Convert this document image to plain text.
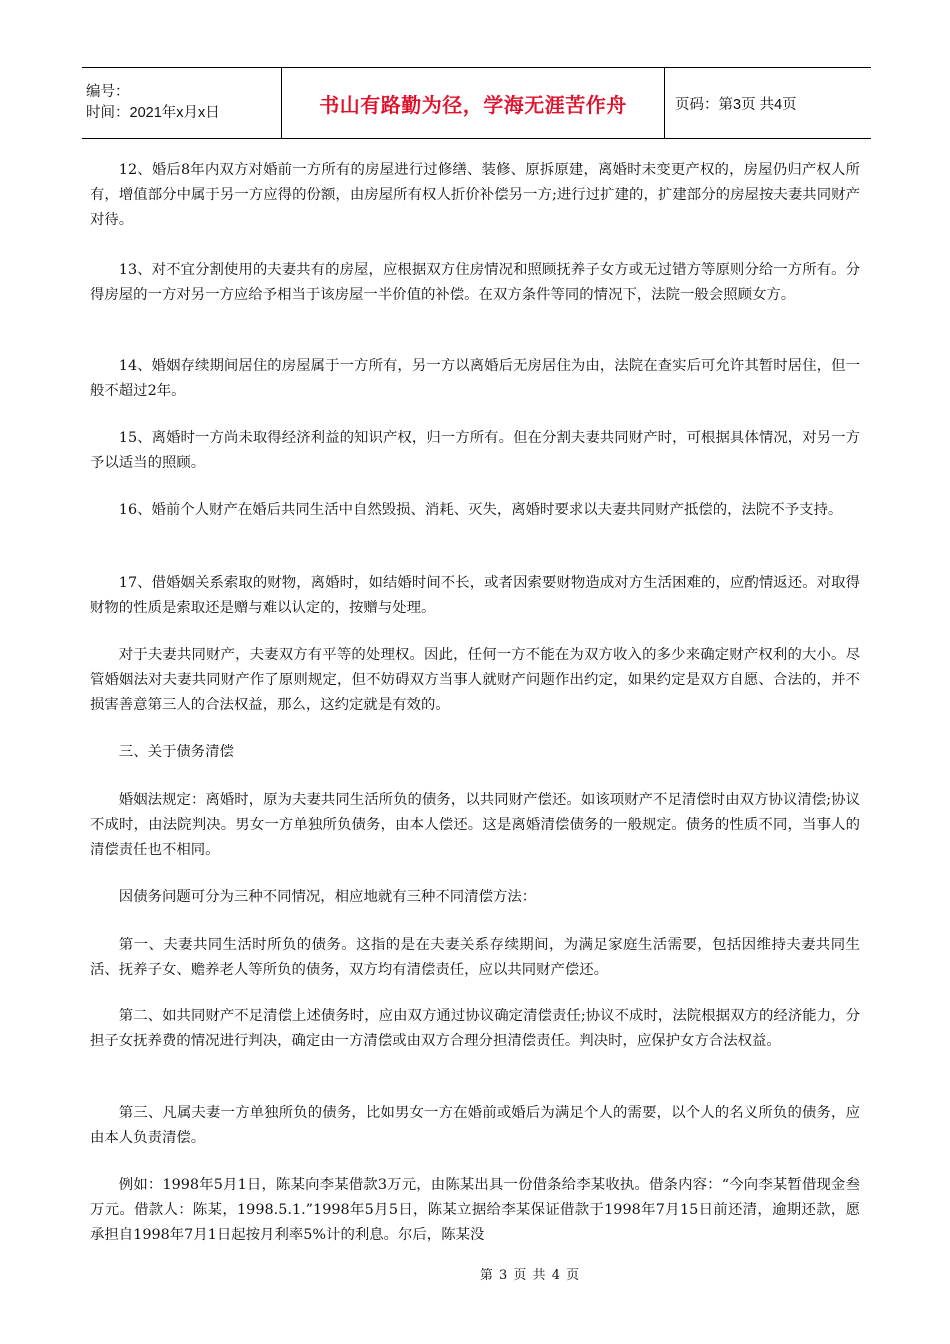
编号：
时间：2021年x月x日	书山有路勤为径，学海无涯苦作舟	页码：第3页 共4页

12、婚后8年内双方对婚前一方所有的房屋进行过修缮、装修、原拆原建，离婚时未变更产权的，房屋仍归产权人所有，增值部分中属于另一方应得的份额，由房屋所有权人折价补偿另一方;进行过扩建的，扩建部分的房屋按夫妻共同财产对待。

13、对不宜分割使用的夫妻共有的房屋，应根据双方住房情况和照顾抚养子女方或无过错方等原则分给一方所有。分得房屋的一方对另一方应给予相当于该房屋一半价值的补偿。在双方条件等同的情况下，法院一般会照顾女方。

14、婚姻存续期间居住的房屋属于一方所有，另一方以离婚后无房居住为由，法院在查实后可允许其暂时居住，但一般不超过2年。

15、离婚时一方尚未取得经济利益的知识产权，归一方所有。但在分割夫妻共同财产时，可根据具体情况，对另一方予以适当的照顾。

16、婚前个人财产在婚后共同生活中自然毁损、消耗、灭失，离婚时要求以夫妻共同财产抵偿的，法院不予支持。

17、借婚姻关系索取的财物，离婚时，如结婚时间不长，或者因索要财物造成对方生活困难的，应酌情返还。对取得财物的性质是索取还是赠与难以认定的，按赠与处理。

对于夫妻共同财产，夫妻双方有平等的处理权。因此，任何一方不能在为双方收入的多少来确定财产权利的大小。尽管婚姻法对夫妻共同财产作了原则规定，但不妨碍双方当事人就财产问题作出约定，如果约定是双方自愿、合法的，并不损害善意第三人的合法权益，那么，这约定就是有效的。

三、关于债务清偿

婚姻法规定：离婚时，原为夫妻共同生活所负的债务，以共同财产偿还。如该项财产不足清偿时由双方协议清偿;协议不成时，由法院判决。男女一方单独所负债务，由本人偿还。这是离婚清偿债务的一般规定。债务的性质不同，当事人的清偿责任也不相同。

因债务问题可分为三种不同情况，相应地就有三种不同清偿方法：

第一、夫妻共同生活时所负的债务。这指的是在夫妻关系存续期间，为满足家庭生活需要，包括因维持夫妻共同生活、抚养子女、赡养老人等所负的债务，双方均有清偿责任，应以共同财产偿还。

第二、如共同财产不足清偿上述债务时，应由双方通过协议确定清偿责任;协议不成时，法院根据双方的经济能力，分担子女抚养费的情况进行判决，确定由一方清偿或由双方合理分担清偿责任。判决时，应保护女方合法权益。

第三、凡属夫妻一方单独所负的债务，比如男女一方在婚前或婚后为满足个人的需要，以个人的名义所负的债务，应由本人负责清偿。

例如：1998年5月1日，陈某向李某借款3万元，由陈某出具一份借条给李某收执。借条内容：“今向李某暂借现金叁万元。借款人：陈某，1998.5.1.”1998年5月5日，陈某立据给李某保证借款于1998年7月15日前还清，逾期还款，愿承担自1998年7月1日起按月利率5%计的利息。尔后，陈某没

第 3 页 共 4 页
